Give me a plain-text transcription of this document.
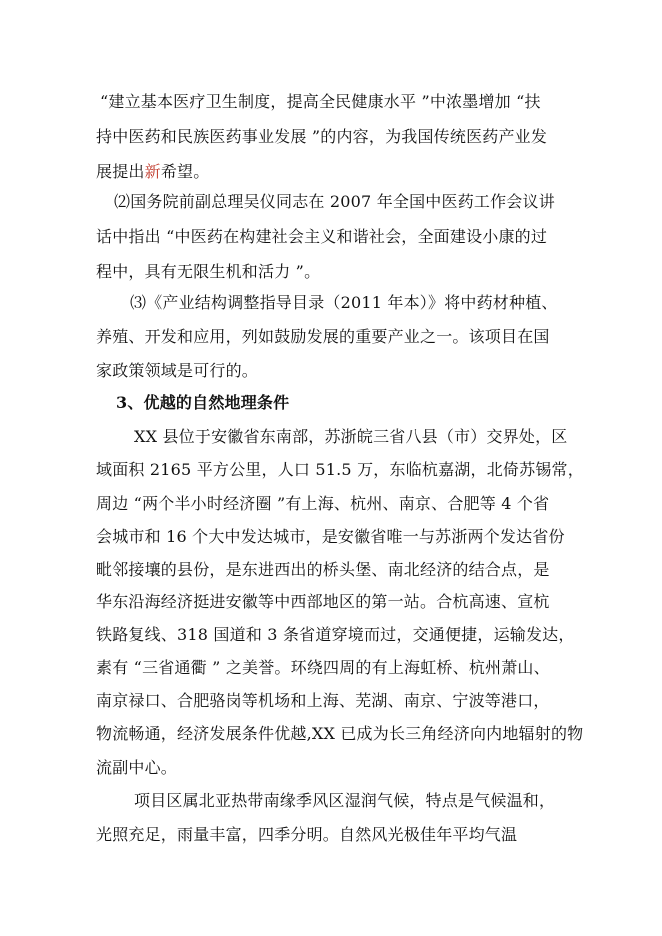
“建立基本医疗卫生制度，提高全民健康水平 ”中浓墨增加 “扶
持中医药和民族医药事业发展 ”的内容，为我国传统医药产业发
展提出新希望。
⑵国务院前副总理吴仪同志在 2007 年全国中医药工作会议讲
话中指出 “中医药在构建社会主义和谐社会，全面建设小康的过
程中，具有无限生机和活力 ”。
⑶《产业结构调整指导目录（2011 年本）》将中药材种植、
养殖、开发和应用，列如鼓励发展的重要产业之一。该项目在国
家政策领域是可行的。
3、优越的自然地理条件
XX 县位于安徽省东南部，苏浙皖三省八县（市）交界处，区
域面积 2165 平方公里，人口 51.5 万，东临杭嘉湖，北倚苏锡常，
周边 “两个半小时经济圈 ”有上海、杭州、南京、合肥等 4 个省
会城市和 16 个大中发达城市，是安徽省唯一与苏浙两个发达省份
毗邻接壤的县份，是东进西出的桥头堡、南北经济的结合点，是
华东沿海经济挺进安徽等中西部地区的第一站。合杭高速、宣杭
铁路复线、318 国道和 3 条省道穿境而过，交通便捷，运输发达，
素有 “三省通衢 ” 之美誉。环绕四周的有上海虹桥、杭州萧山、
南京禄口、合肥骆岗等机场和上海、芜湖、南京、宁波等港口，
物流畅通，经济发展条件优越,XX 已成为长三角经济向内地辐射的物
流副中心。
项目区属北亚热带南缘季风区湿润气候，特点是气候温和，
光照充足，雨量丰富，四季分明。自然风光极佳年平均气温
